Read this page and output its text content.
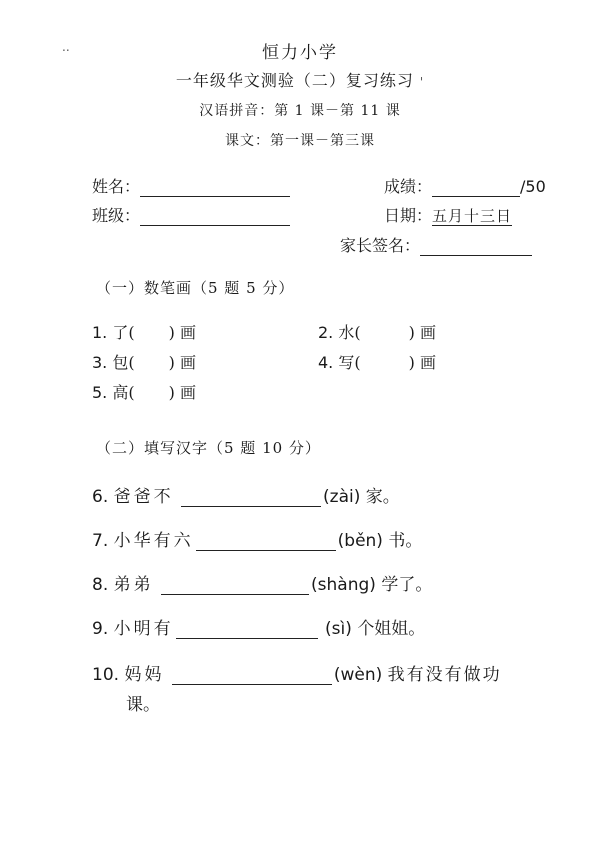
..	恒力小学
一年级华文测验（二）复习练习 '
汉语拼音：第 1 课－第 11 课
课文：第一课－第三课
姓名：	成绩：	/50
班级：	日期：五月十三日
家长签名：
（一）数笔画（5 题 5 分）
1. 了( ) 画	2. 水(	) 画
3. 包( ) 画	4. 写(	) 画
5. 高( ) 画
（二）填写汉字（5 题 10 分）
6. 爸爸不	(zài) 家。
7. 小华有六	(běn) 书。
8. 弟弟	(shàng) 学了。
9. 小明有	(sì) 个姐姐。
10. 妈妈	(wèn) 我有没有做功
课。
